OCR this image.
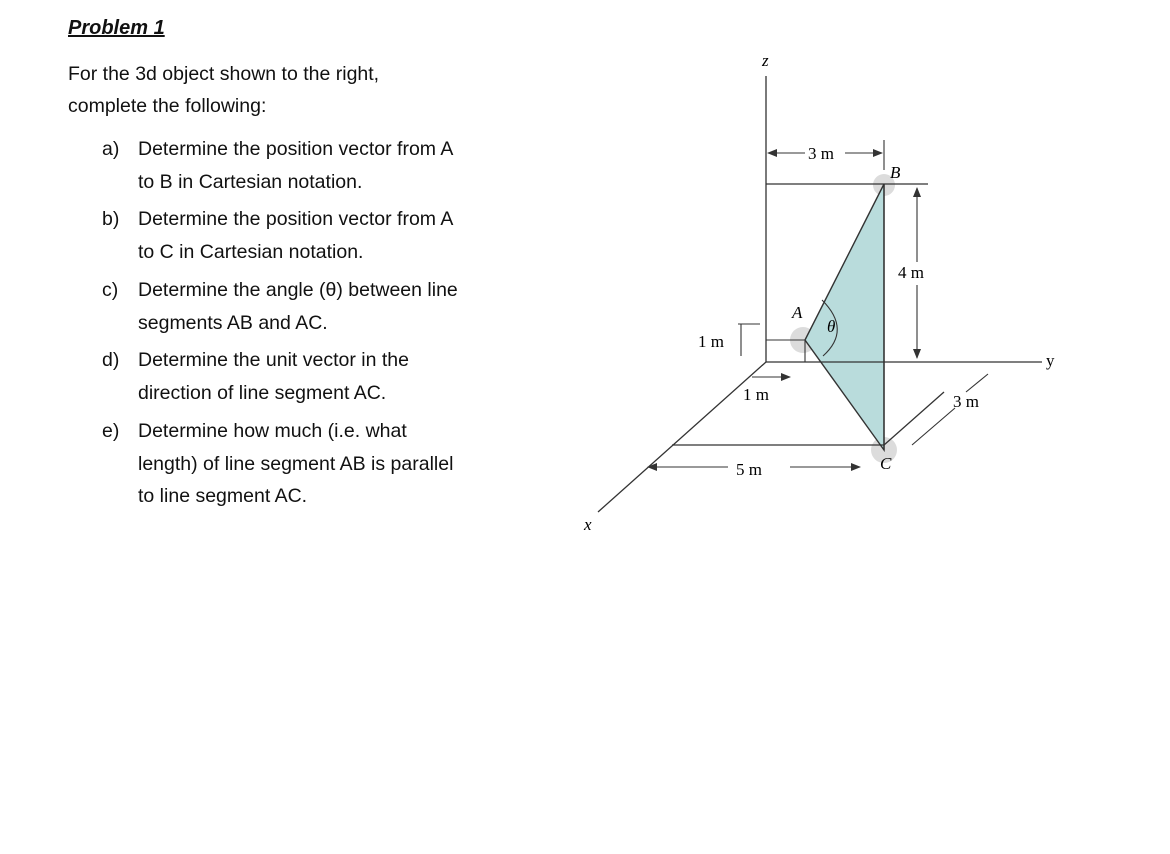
Problem 1
For the 3d object shown to the right,
complete the following:
a) Determine the position vector from A
to B in Cartesian notation.
b) Determine the position vector from A
to C in Cartesian notation.
c) Determine the angle (θ) between line
segments AB and AC.
d) Determine the unit vector in the
direction of line segment AC.
e) Determine how much (i.e. what
length) of line segment AB is parallel
to line segment AC.
3 m
4 m
1 m
1 m
5 m
3 m
θ
A
B
C
z
y
x
